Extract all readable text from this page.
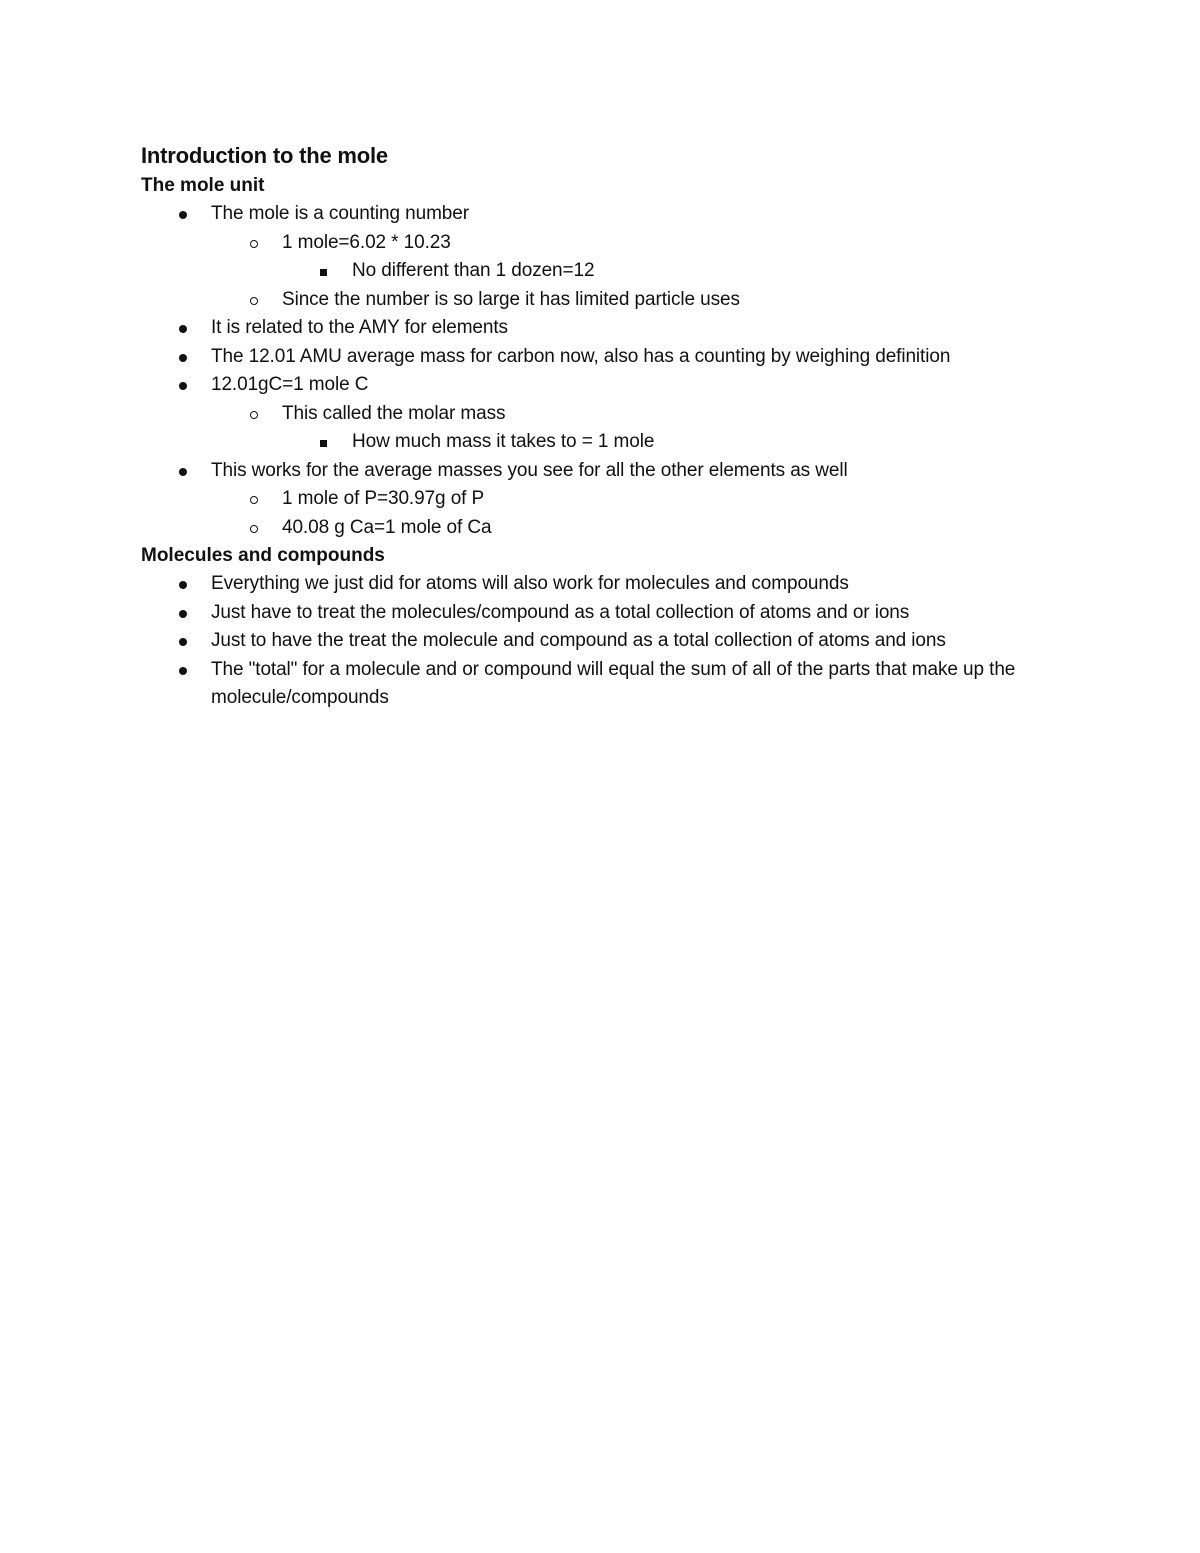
Introduction to the mole
The mole unit
The mole is a counting number
1 mole=6.02 * 10.23
No different than 1 dozen=12
Since the number is so large it has limited particle uses
It is related to the AMY for elements
The 12.01 AMU average mass for carbon now, also has a counting by weighing definition
12.01gC=1 mole C
This called the molar mass
How much mass it takes to = 1 mole
This works for the average masses you see for all the other elements as well
1 mole of P=30.97g of P
40.08 g Ca=1 mole of Ca
Molecules and compounds
Everything we just did for atoms will also work for molecules and compounds
Just have to treat the molecules/compound as a total collection of atoms and or ions
Just to have the treat the molecule and compound as a total collection of atoms and ions
The "total" for a molecule and or compound will equal the sum of all of the parts that make up the molecule/compounds
